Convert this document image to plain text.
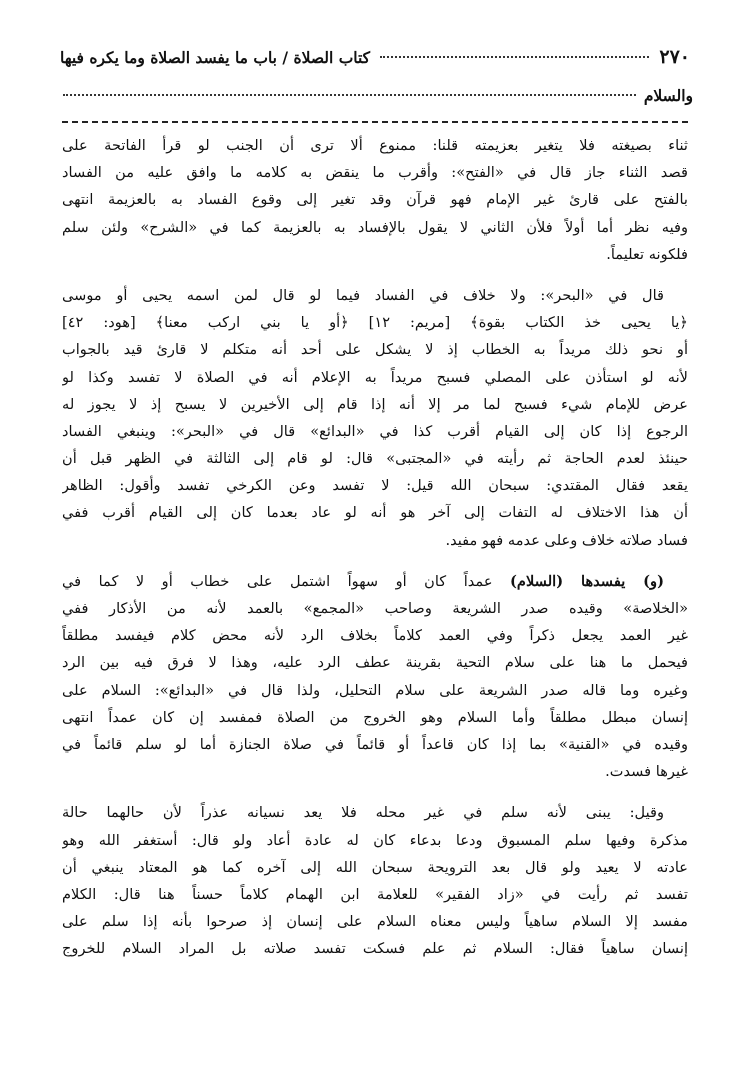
٢٧٠
كتاب الصلاة / باب ما يفسد الصلاة وما يكره فيها
والسلام
ثناء بصيغته فلا يتغير بعزيمته قلنا: ممنوع ألا ترى أن الجنب لو قرأ الفاتحة على
قصد الثناء جاز قال في «الفتح»: وأقرب ما ينقض به كلامه ما وافق عليه من الفساد
بالفتح على قارئ غير الإمام فهو قرآن وقد تغير إلى وقوع الفساد به بالعزيمة انتهى
وفيه نظر أما أولاً فلأن الثاني لا يقول بالإفساد به بالعزيمة كما في «الشرح» ولئن سلم
فلكونه تعليماً.
قال في «البحر»: ولا خلاف في الفساد فيما لو قال لمن اسمه يحيى أو موسى
﴿يا يحيى خذ الكتاب بقوة﴾ [مريم: ١٢] ﴿أو يا بني اركب معنا﴾ [هود: ٤٢]
أو نحو ذلك مريداً به الخطاب إذ لا يشكل على أحد أنه متكلم لا قارئ قيد بالجواب
لأنه لو استأذن على المصلي فسبح مريداً به الإعلام أنه في الصلاة لا تفسد وكذا لو
عرض للإمام شيء فسبح لما مر إلا أنه إذا قام إلى الأخيرين لا يسبح إذ لا يجوز له
الرجوع إذا كان إلى القيام أقرب كذا في «البدائع» قال في «البحر»: وينبغي الفساد
حينئذ لعدم الحاجة ثم رأيته في «المجتبى» قال: لو قام إلى الثالثة في الظهر قبل أن
يقعد فقال المقتدي: سبحان الله قيل: لا تفسد وعن الكرخي تفسد وأقول: الظاهر
أن هذا الاختلاف له التفات إلى آخر هو أنه لو عاد بعدما كان إلى القيام أقرب ففي
فساد صلاته خلاف وعلى عدمه فهو مفيد.
(و) يفسدها (السلام) عمداً كان أو سهواً اشتمل على خطاب أو لا كما في
«الخلاصة» وقيده صدر الشريعة وصاحب «المجمع» بالعمد لأنه من الأذكار ففي
غير العمد يجعل ذكراً وفي العمد كلاماً بخلاف الرد لأنه محض كلام فيفسد مطلقاً
فيحمل ما هنا على سلام التحية بقرينة عطف الرد عليه، وهذا لا فرق فيه بين الرد
وغيره وما قاله صدر الشريعة على سلام التحليل، ولذا قال في «البدائع»: السلام على
إنسان مبطل مطلقاً وأما السلام وهو الخروج من الصلاة فمفسد إن كان عمداً انتهى
وقيده في «القنية» بما إذا كان قاعداً أو قائماً في صلاة الجنازة أما لو سلم قائماً في
غيرها فسدت.
وقيل: يبنى لأنه سلم في غير محله فلا يعد نسيانه عذراً لأن حالهما حالة
مذكرة وفيها سلم المسبوق ودعا بدعاء كان له عادة أعاد ولو قال: أستغفر الله وهو
عادته لا يعيد ولو قال بعد الترويحة سبحان الله إلى آخره كما هو المعتاد ينبغي أن
تفسد ثم رأيت في «زاد الفقير» للعلامة ابن الهمام كلاماً حسناً هنا قال: الكلام
مفسد إلا السلام ساهياً وليس معناه السلام على إنسان إذ صرحوا بأنه إذا سلم على
إنسان ساهياً فقال: السلام ثم علم فسكت تفسد صلاته بل المراد السلام للخروج
